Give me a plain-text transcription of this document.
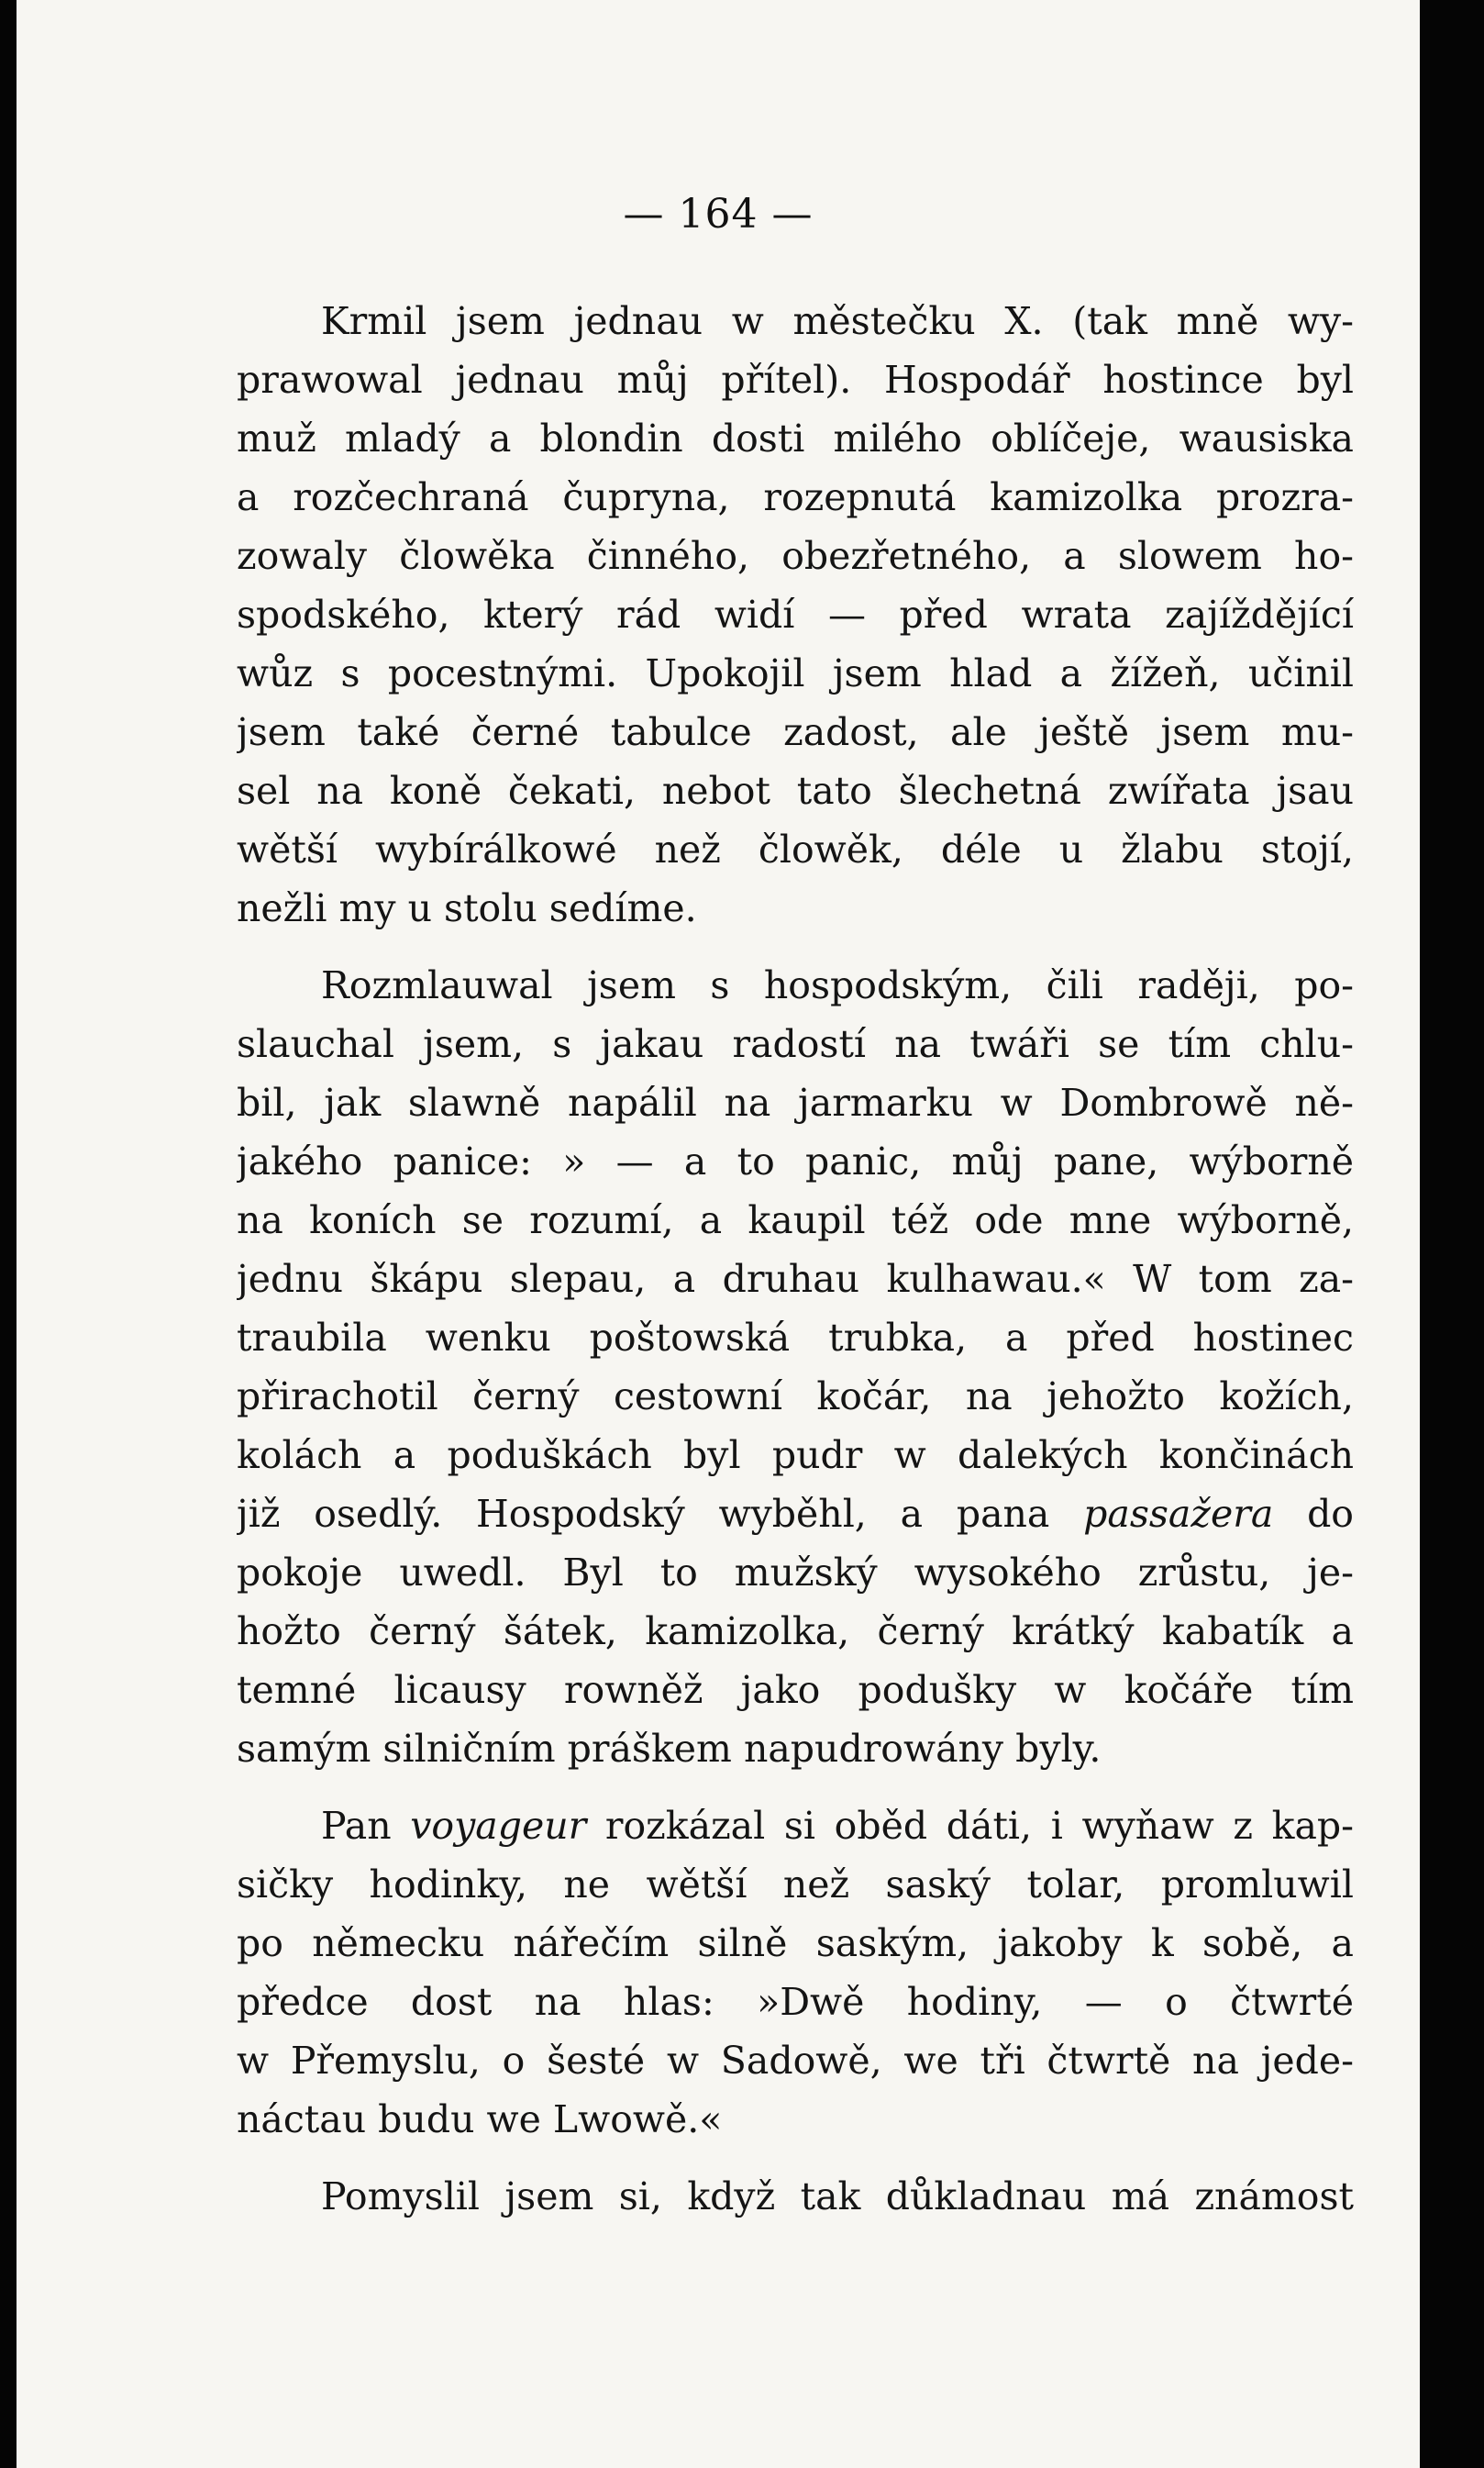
— 164 —
Krmil jsem jednau w městečku X. (tak mně wy-
prawowal jednau můj přítel). Hospodář hostince byl
muž mladý a blondin dosti milého oblíčeje, wausiska
a rozčechraná čupryna, rozepnutá kamizolka prozra-
zowaly člowěka činného, obezřetného, a slowem ho-
spodského, který rád widí — před wrata zajíždějící
wůz s pocestnými. Upokojil jsem hlad a žížeň, učinil
jsem také černé tabulce zadost, ale ještě jsem mu-
sel na koně čekati, nebot tato šlechetná zwířata jsau
wětší wybírálkowé než člowěk, déle u žlabu stojí,
nežli my u stolu sedíme.
Rozmlauwal jsem s hospodským, čili raději, po-
slauchal jsem, s jakau radostí na twáři se tím chlu-
bil, jak slawně napálil na jarmarku w Dombrowě ně-
jakého panice: » — a to panic, můj pane, wýborně
na koních se rozumí, a kaupil též ode mne wýborně,
jednu škápu slepau, a druhau kulhawau.« W tom za-
traubila wenku poštowská trubka, a před hostinec
přirachotil černý cestowní kočár, na jehožto kožích,
kolách a poduškách byl pudr w dalekých končinách
již osedlý. Hospodský wyběhl, a pana passažera do
pokoje uwedl. Byl to mužský wysokého zrůstu, je-
hožto černý šátek, kamizolka, černý krátký kabatík a
temné licausy rowněž jako podušky w kočáře tím
samým silničním práškem napudrowány byly.
Pan voyageur rozkázal si oběd dáti, i wyňaw z kap-
sičky hodinky, ne wětší než saský tolar, promluwil
po německu nářečím silně saským, jakoby k sobě, a
předce dost na hlas: »Dwě hodiny, — o čtwrté
w Přemyslu, o šesté w Sadowě, we tři čtwrtě na jede-
náctau budu we Lwowě.«
Pomyslil jsem si, když tak důkladnau má známost
